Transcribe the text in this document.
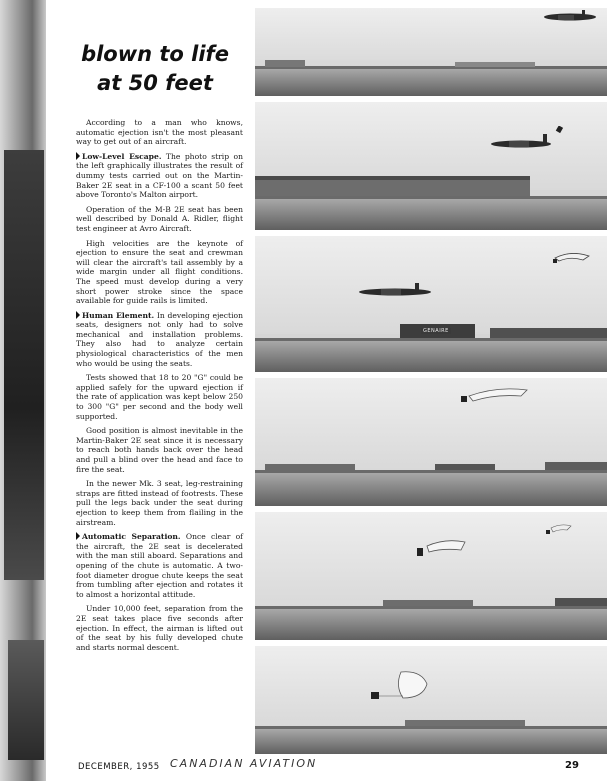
blown to life
at 50 feet

According to a man who knows, automatic ejection isn't the most pleasant way to get out of an aircraft.

Low-Level Escape. The photo strip on the left graphically illustrates the result of dummy tests carried out on the Martin-Baker 2E seat in a CF-100 a scant 50 feet above Toronto's Malton airport.

Operation of the M-B 2E seat has been well described by Donald A. Ridler, flight test engineer at Avro Aircraft.

High velocities are the keynote of ejection to ensure the seat and crewman will clear the aircraft's tail assembly by a wide margin under all flight conditions. The speed must develop during a very short power stroke since the space available for guide rails is limited.

Human Element. In developing ejection seats, designers not only had to solve mechanical and installation problems. They also had to analyze certain physiological characteristics of the men who would be using the seats.

Tests showed that 18 to 20 "G" could be applied safely for the upward ejection if the rate of application was kept below 250 to 300 "G" per second and the body well supported.

Good position is almost inevitable in the Martin-Baker 2E seat since it is necessary to reach both hands back over the head and pull a blind over the head and face to fire the seat.

In the newer Mk. 3 seat, leg-restraining straps are fitted instead of footrests. These pull the legs back under the seat during ejection to keep them from flailing in the airstream.

Automatic Separation. Once clear of the aircraft, the 2E seat is decelerated with the man still aboard. Separations and opening of the chute is automatic. A two-foot diameter drogue chute keeps the seat from tumbling after ejection and rotates it to almost a horizontal attitude.

Under 10,000 feet, separation from the 2E seat takes place five seconds after ejection. In effect, the airman is lifted out of the seat by his fully developed chute and starts normal descent.

GENAIRE
DECEMBER, 1955 CANADIAN AVIATION	29
